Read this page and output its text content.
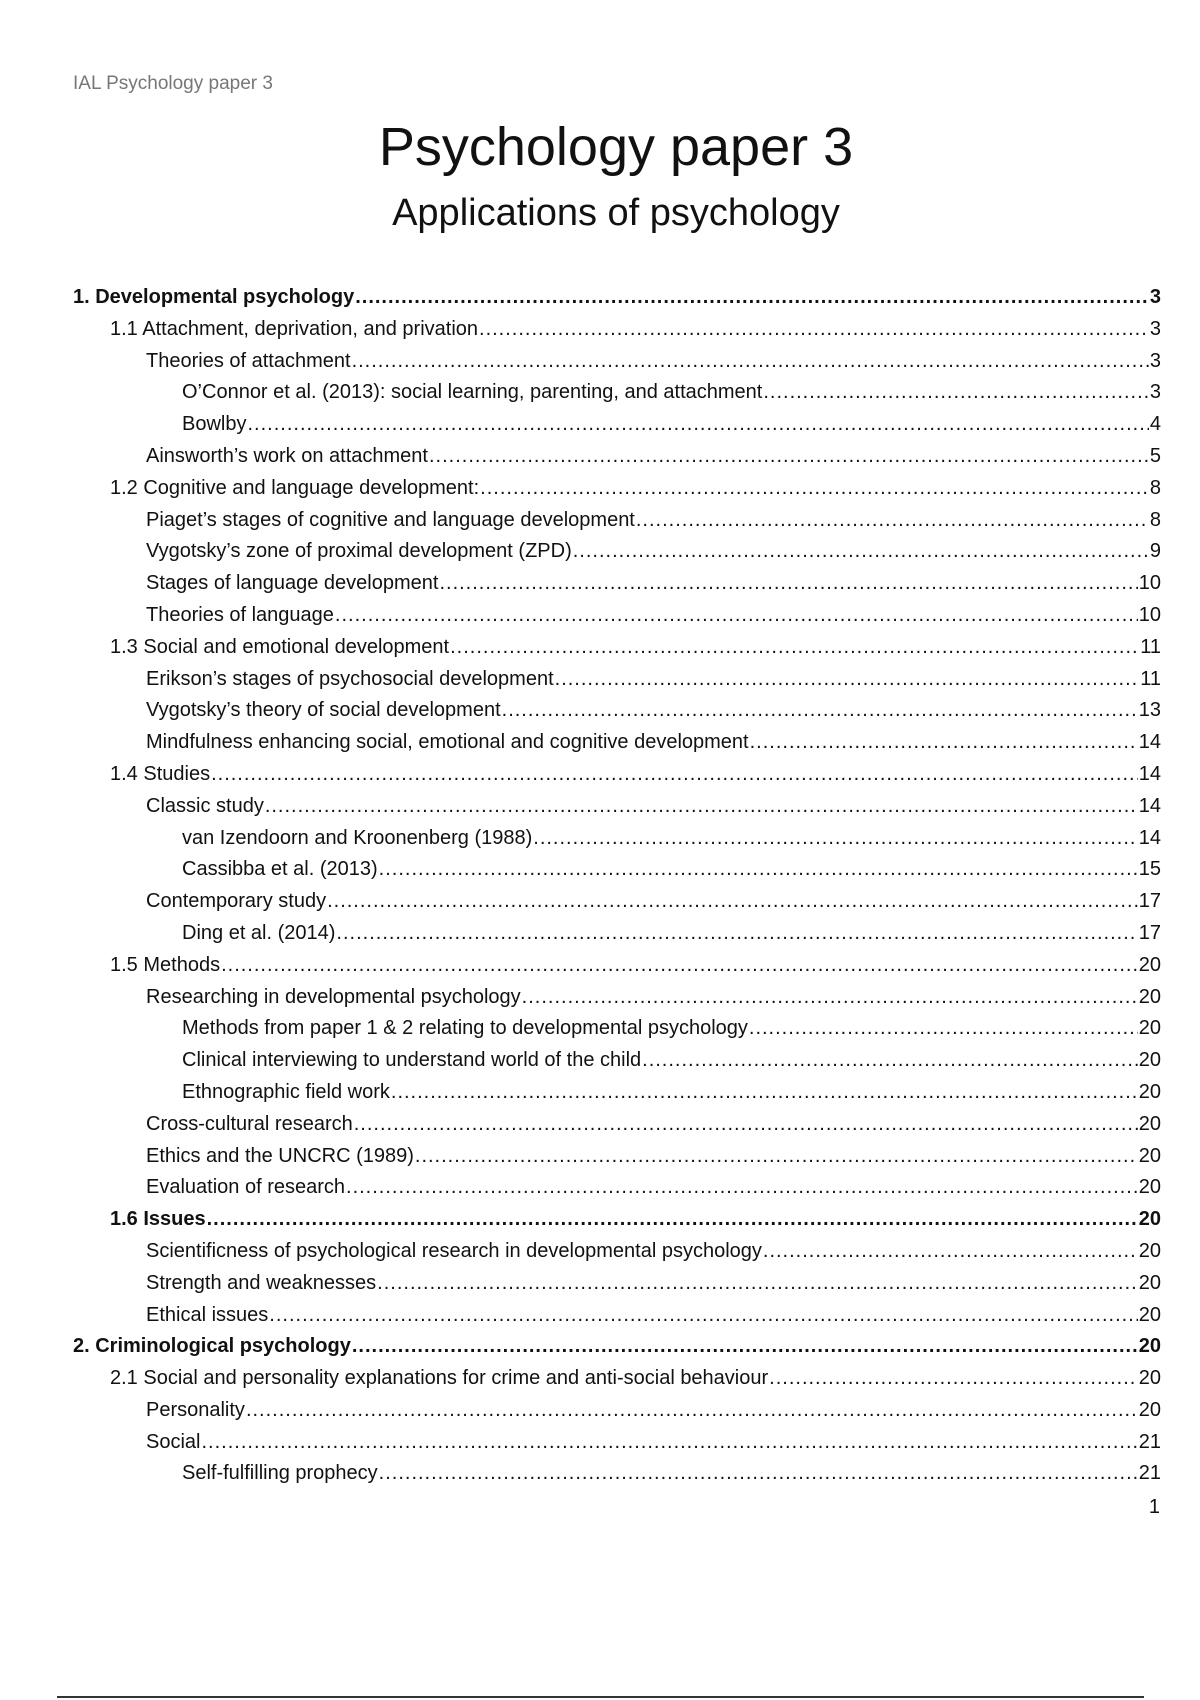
IAL Psychology paper 3
Psychology paper 3
Applications of psychology
1. Developmental psychology .....	3
1.1 Attachment, deprivation, and privation .....	3
Theories of attachment .....	3
O’Connor et al. (2013): social learning, parenting, and attachment .....	3
Bowlby .....	4
Ainsworth’s work on attachment .....	5
1.2 Cognitive and language development: .....	8
Piaget’s stages of cognitive and language development .....	8
Vygotsky’s zone of proximal development (ZPD) .....	9
Stages of language development .....	10
Theories of language .....	10
1.3 Social and emotional development .....	11
Erikson’s stages of psychosocial development .....	11
Vygotsky’s theory of social development .....	13
Mindfulness enhancing social, emotional and cognitive development .....	14
1.4 Studies .....	14
Classic study .....	14
van Izendoorn and Kroonenberg (1988) .....	14
Cassibba et al. (2013) .....	15
Contemporary study .....	17
Ding et al. (2014) .....	17
1.5 Methods .....	20
Researching in developmental psychology .....	20
Methods from paper 1 & 2 relating to developmental psychology .....	20
Clinical interviewing to understand world of the child .....	20
Ethnographic field work .....	20
Cross-cultural research .....	20
Ethics and the UNCRC (1989) .....	20
Evaluation of research .....	20
1.6 Issues .....	20
Scientificness of psychological research in developmental psychology .....	20
Strength and weaknesses .....	20
Ethical issues .....	20
2. Criminological psychology .....	20
2.1 Social and personality explanations for crime and anti-social behaviour .....	20
Personality .....	20
Social .....	21
Self-fulfilling prophecy .....	21
1
